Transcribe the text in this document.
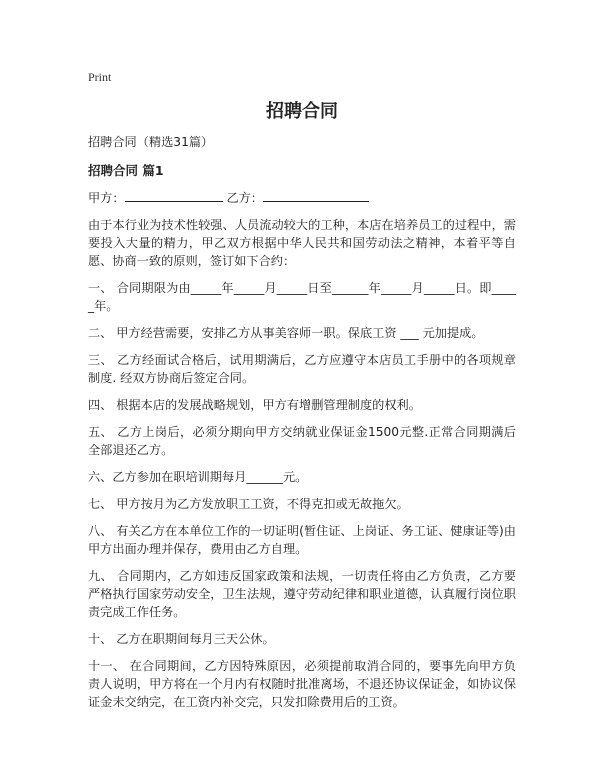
Print
招聘合同
招聘合同（精选31篇）
招聘合同 篇1

甲方：	乙方：

由于本行业为技术性较强、人员流动较大的工种，本店在培养员工的过程中，需要投入大量的精力，甲乙双方根据中华人民共和国劳动法之精神，本着平等自愿、协商一致的原则，签订如下合约：

一、 合同期限为由_____年_____月_____日至______年_____月_____日。即_____年。

二、 甲方经营需要，安排乙方从事美容师一职。保底工资 ___ 元加提成。

三、 乙方经面试合格后，试用期满后，乙方应遵守本店员工手册中的各项规章制度. 经双方协商后签定合同。

四、 根据本店的发展战略规划，甲方有增删管理制度的权利。

五、 乙方上岗后，必须分期向甲方交纳就业保证金1500元整.正常合同期满后全部退还乙方。

六、乙方参加在职培训期每月______元。

七、 甲方按月为乙方发放职工工资，不得克扣或无故拖欠。

八、 有关乙方在本单位工作的一切证明(暂住证、上岗证、务工证、健康证等)由甲方出面办理并保存，费用由乙方自理。

九、 合同期内，乙方如违反国家政策和法规，一切责任将由乙方负责，乙方要严格执行国家劳动安全，卫生法规，遵守劳动纪律和职业道德，认真履行岗位职责完成工作任务。

十、 乙方在职期间每月三天公休。

十一、 在合同期间，乙方因特殊原因，必须提前取消合同的，要事先向甲方负责人说明，甲方将在一个月内有权随时批准离场，不退还协议保证金，如协议保证金未交纳完，在工资内补交完，只发扣除费用后的工资。
